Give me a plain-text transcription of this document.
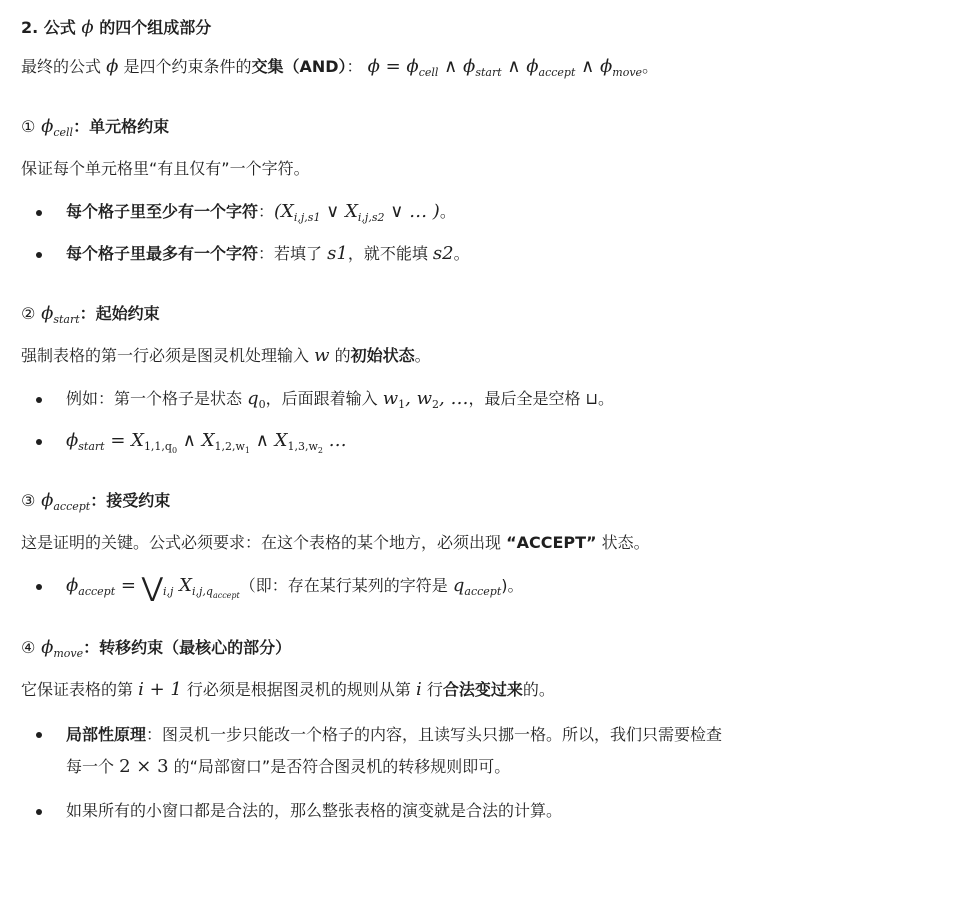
2. 公式 ϕ 的四个组成部分
最终的公式 ϕ 是四个约束条件的交集（AND）： $\phi = \phi_{cell}$ ∧ $\phi_{start}$ ∧ $\phi_{accept}$ ∧ $\phi_{move}$。
① $\phi_{cell}$：单元格约束
保证每个单元格里“有且仅有”一个字符。
每个格子里至少有一个字符：($X_{i,j,s1}$ ∨ $X_{i,j,s2}$ ∨ … )。
每个格子里最多有一个字符：若填了 s1，就不能填 s2。
② $\phi_{start}$：起始约束
强制表格的第一行必须是图灵机处理输入 w 的初始状态。
例如：第一个格子是状态 $q_0$，后面跟着输入 $w_1$, $w_2$, …，最后全是空格 ⊔。
$\phi_{start} = X_{1,1,q_0}$ ∧ $X_{1,2,w_1}$ ∧ $X_{1,3,w_2}$ …
③ $\phi_{accept}$：接受约束
这是证明的关键。公式必须要求：在这个表格的某个地方，必须出现 “ACCEPT” 状态。
$\phi_{accept}$ = $⋁_{i,j}$ $X_{i,j,q_{accept}}$（即：存在某行某列的字符是 $q_{accept}$)。
④ $\phi_{move}$：转移约束（最核心的部分）
它保证表格的第 i + 1 行必须是根据图灵机的规则从第 i 行合法变过来的。
局部性原理：图灵机一步只能改一个格子的内容，且读写头只挪一格。所以，我们只需要检查
每一个 2 × 3 的“局部窗口”是否符合图灵机的转移规则即可。
如果所有的小窗口都是合法的，那么整张表格的演变就是合法的计算。
